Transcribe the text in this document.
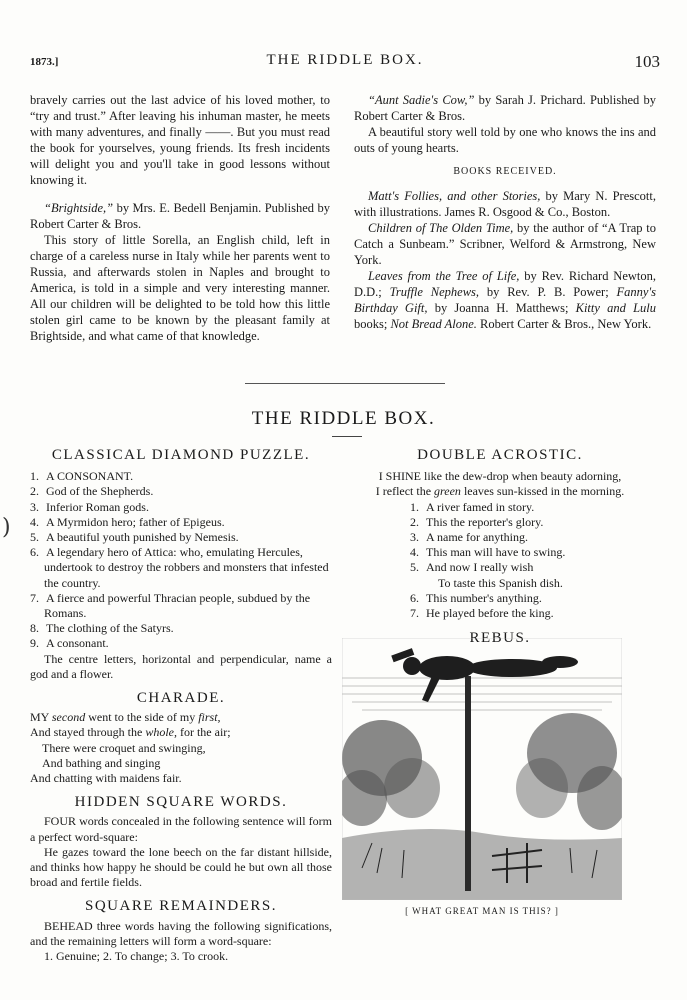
1873.]	THE RIDDLE BOX.	103

bravely carries out the last advice of his loved mother, to “try and trust.” After leaving his inhuman master, he meets with many adventures, and finally ——. But you must read the book for yourselves, young friends. Its fresh incidents will delight you and you'll take in good lessons without knowing it.

“Brightside,” by Mrs. E. Bedell Benjamin. Published by Robert Carter & Bros.

This story of little Sorella, an English child, left in charge of a careless nurse in Italy while her parents went to Russia, and afterwards stolen in Naples and brought to America, is told in a simple and very interesting manner. All our children will be delighted to be told how this little stolen girl came to be known by the pleasant family at Brightside, and what came of that knowledge.

“Aunt Sadie's Cow,” by Sarah J. Prichard. Published by Robert Carter & Bros.

A beautiful story well told by one who knows the ins and outs of young hearts.

BOOKS RECEIVED.

Matt's Follies, and other Stories, by Mary N. Prescott, with illustrations. James R. Osgood & Co., Boston.

Children of The Olden Time, by the author of “A Trap to Catch a Sunbeam.” Scribner, Welford & Armstrong, New York.

Leaves from the Tree of Life, by Rev. Richard Newton, D.D.; Truffle Nephews, by Rev. P. B. Power; Fanny's Birthday Gift, by Joanna H. Matthews; Kitty and Lulu books; Not Bread Alone. Robert Carter & Bros., New York.

THE RIDDLE BOX.
)
CLASSICAL DIAMOND PUZZLE.
1. A CONSONANT.
2. God of the Shepherds.
3. Inferior Roman gods.
4. A Myrmidon hero; father of Epigeus.
5. A beautiful youth punished by Nemesis.
6. A legendary hero of Attica: who, emulating Hercules, undertook to destroy the robbers and monsters that infested the country.
7. A fierce and powerful Thracian people, subdued by the Romans.
8. The clothing of the Satyrs.
9. A consonant.

The centre letters, horizontal and perpendicular, name a god and a flower.

CHARADE.
MY second went to the side of my first,
And stayed through the whole, for the air;
There were croquet and swinging,
And bathing and singing
And chatting with maidens fair.
HIDDEN SQUARE WORDS.

FOUR words concealed in the following sentence will form a perfect word-square:

He gazes toward the lone beech on the far distant hillside, and thinks how happy he should be could he but own all those broad and fertile fields.

SQUARE REMAINDERS.

BEHEAD three words having the following significations, and the remaining letters will form a word-square:

1. Genuine; 2. To change; 3. To crook.

DOUBLE ACROSTIC.
I SHINE like the dew-drop when beauty adorning,
I reflect the green leaves sun-kissed in the morning.
1. A river famed in story.
2. This the reporter's glory.
3. A name for anything.
4. This man will have to swing.
5. And now I really wish
To taste this Spanish dish.
6. This number's anything.
7. He played before the king.
REBUS.
[ WHAT GREAT MAN IS THIS? ]
